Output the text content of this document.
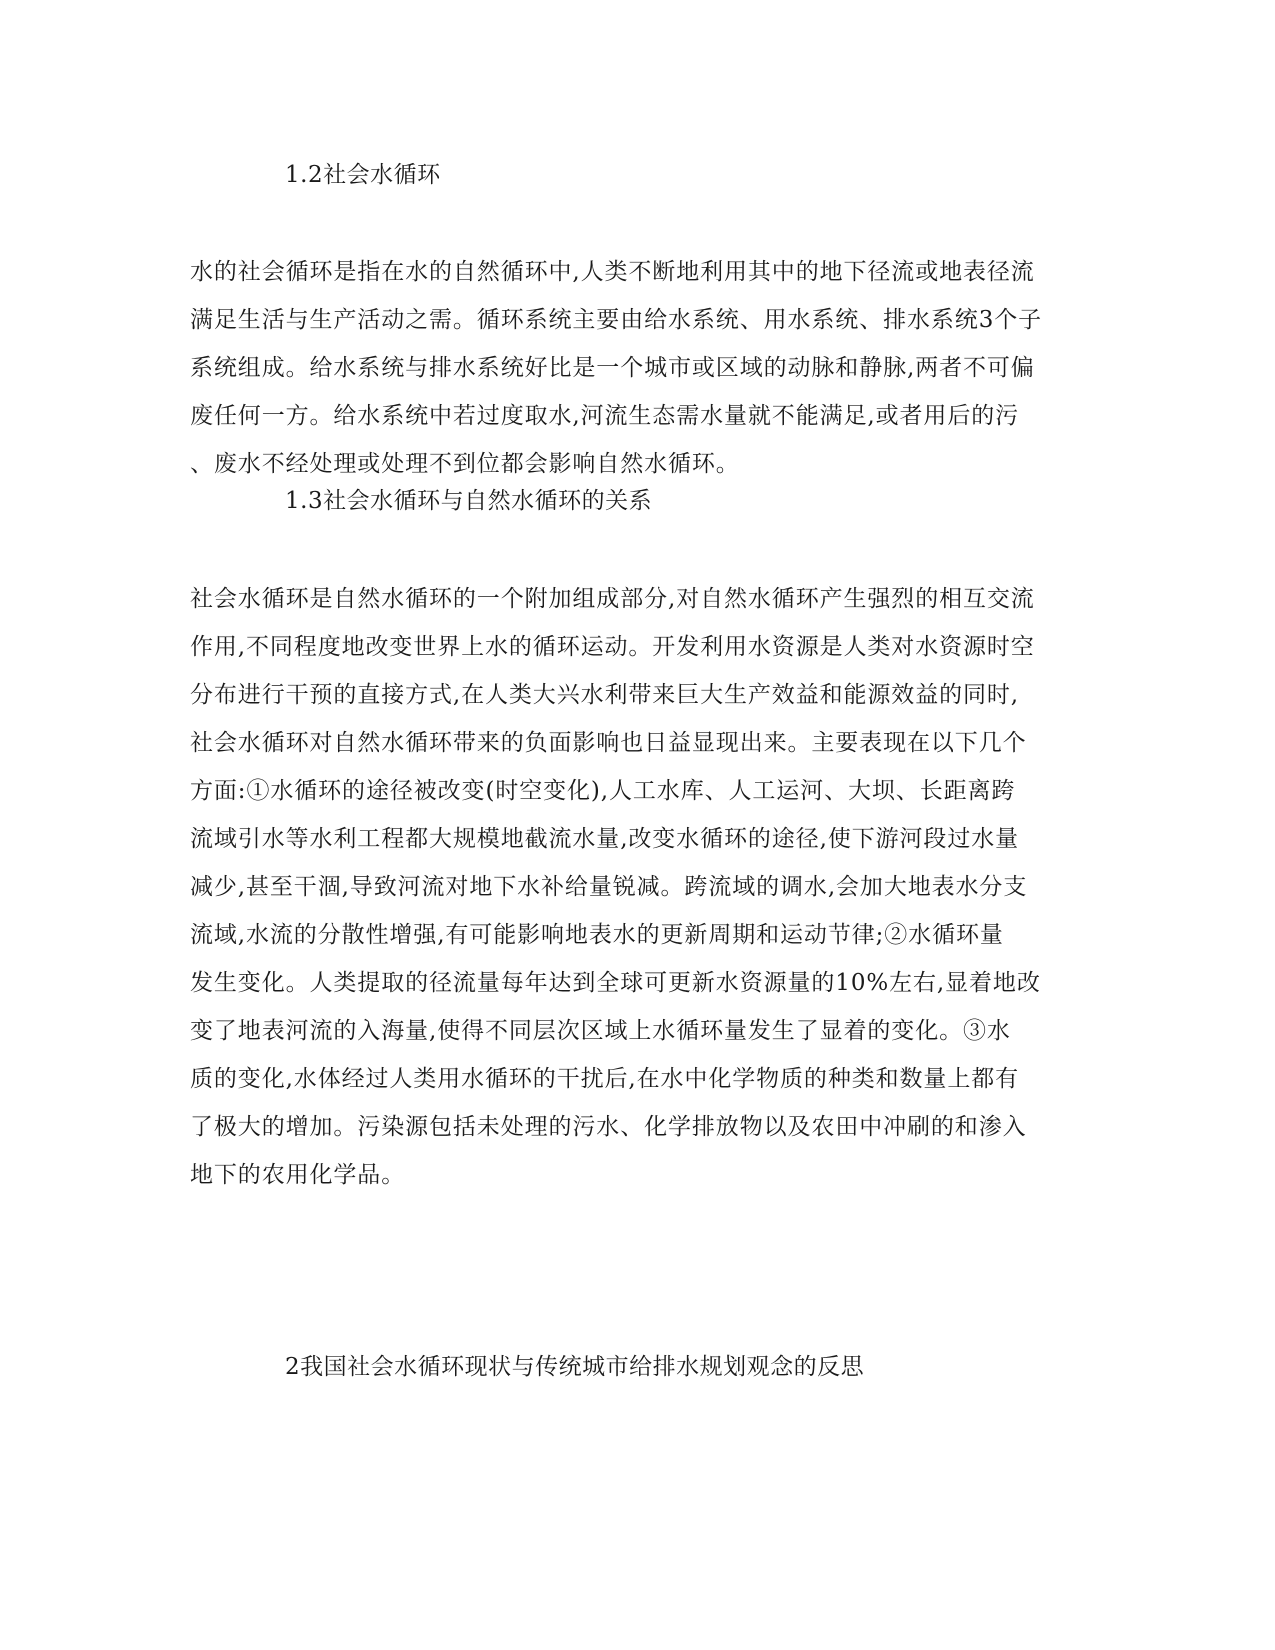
1.2社会水循环
水的社会循环是指在水的自然循环中,人类不断地利用其中的地下径流或地表径流
满足生活与生产活动之需。循环系统主要由给水系统、用水系统、排水系统3个子
系统组成。给水系统与排水系统好比是一个城市或区域的动脉和静脉,两者不可偏
废任何一方。给水系统中若过度取水,河流生态需水量就不能满足,或者用后的污
、废水不经处理或处理不到位都会影响自然水循环。
1.3社会水循环与自然水循环的关系
社会水循环是自然水循环的一个附加组成部分,对自然水循环产生强烈的相互交流
作用,不同程度地改变世界上水的循环运动。开发利用水资源是人类对水资源时空
分布进行干预的直接方式,在人类大兴水利带来巨大生产效益和能源效益的同时,
社会水循环对自然水循环带来的负面影响也日益显现出来。主要表现在以下几个
方面:①水循环的途径被改变(时空变化),人工水库、人工运河、大坝、长距离跨
流域引水等水利工程都大规模地截流水量,改变水循环的途径,使下游河段过水量
减少,甚至干涸,导致河流对地下水补给量锐减。跨流域的调水,会加大地表水分支
流域,水流的分散性增强,有可能影响地表水的更新周期和运动节律;②水循环量
发生变化。人类提取的径流量每年达到全球可更新水资源量的10%左右,显着地改
变了地表河流的入海量,使得不同层次区域上水循环量发生了显着的变化。③水
质的变化,水体经过人类用水循环的干扰后,在水中化学物质的种类和数量上都有
了极大的增加。污染源包括未处理的污水、化学排放物以及农田中冲刷的和渗入
地下的农用化学品。
2我国社会水循环现状与传统城市给排水规划观念的反思
